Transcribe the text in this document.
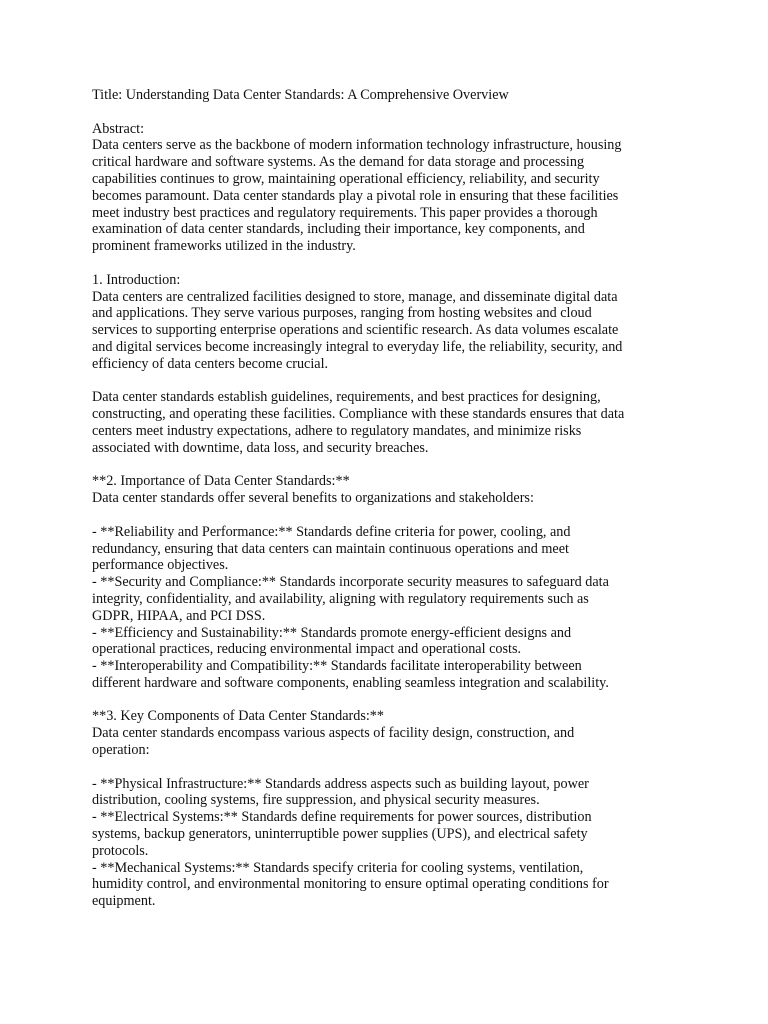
Title: Understanding Data Center Standards: A Comprehensive Overview
Abstract:
Data centers serve as the backbone of modern information technology infrastructure, housing
critical hardware and software systems. As the demand for data storage and processing
capabilities continues to grow, maintaining operational efficiency, reliability, and security
becomes paramount. Data center standards play a pivotal role in ensuring that these facilities
meet industry best practices and regulatory requirements. This paper provides a thorough
examination of data center standards, including their importance, key components, and
prominent frameworks utilized in the industry.
1. Introduction:
Data centers are centralized facilities designed to store, manage, and disseminate digital data
and applications. They serve various purposes, ranging from hosting websites and cloud
services to supporting enterprise operations and scientific research. As data volumes escalate
and digital services become increasingly integral to everyday life, the reliability, security, and
efficiency of data centers become crucial.
Data center standards establish guidelines, requirements, and best practices for designing,
constructing, and operating these facilities. Compliance with these standards ensures that data
centers meet industry expectations, adhere to regulatory mandates, and minimize risks
associated with downtime, data loss, and security breaches.
**2. Importance of Data Center Standards:**
Data center standards offer several benefits to organizations and stakeholders:
- **Reliability and Performance:** Standards define criteria for power, cooling, and
redundancy, ensuring that data centers can maintain continuous operations and meet
performance objectives.
- **Security and Compliance:** Standards incorporate security measures to safeguard data
integrity, confidentiality, and availability, aligning with regulatory requirements such as
GDPR, HIPAA, and PCI DSS.
- **Efficiency and Sustainability:** Standards promote energy-efficient designs and
operational practices, reducing environmental impact and operational costs.
- **Interoperability and Compatibility:** Standards facilitate interoperability between
different hardware and software components, enabling seamless integration and scalability.
**3. Key Components of Data Center Standards:**
Data center standards encompass various aspects of facility design, construction, and
operation:
- **Physical Infrastructure:** Standards address aspects such as building layout, power
distribution, cooling systems, fire suppression, and physical security measures.
- **Electrical Systems:** Standards define requirements for power sources, distribution
systems, backup generators, uninterruptible power supplies (UPS), and electrical safety
protocols.
- **Mechanical Systems:** Standards specify criteria for cooling systems, ventilation,
humidity control, and environmental monitoring to ensure optimal operating conditions for
equipment.
